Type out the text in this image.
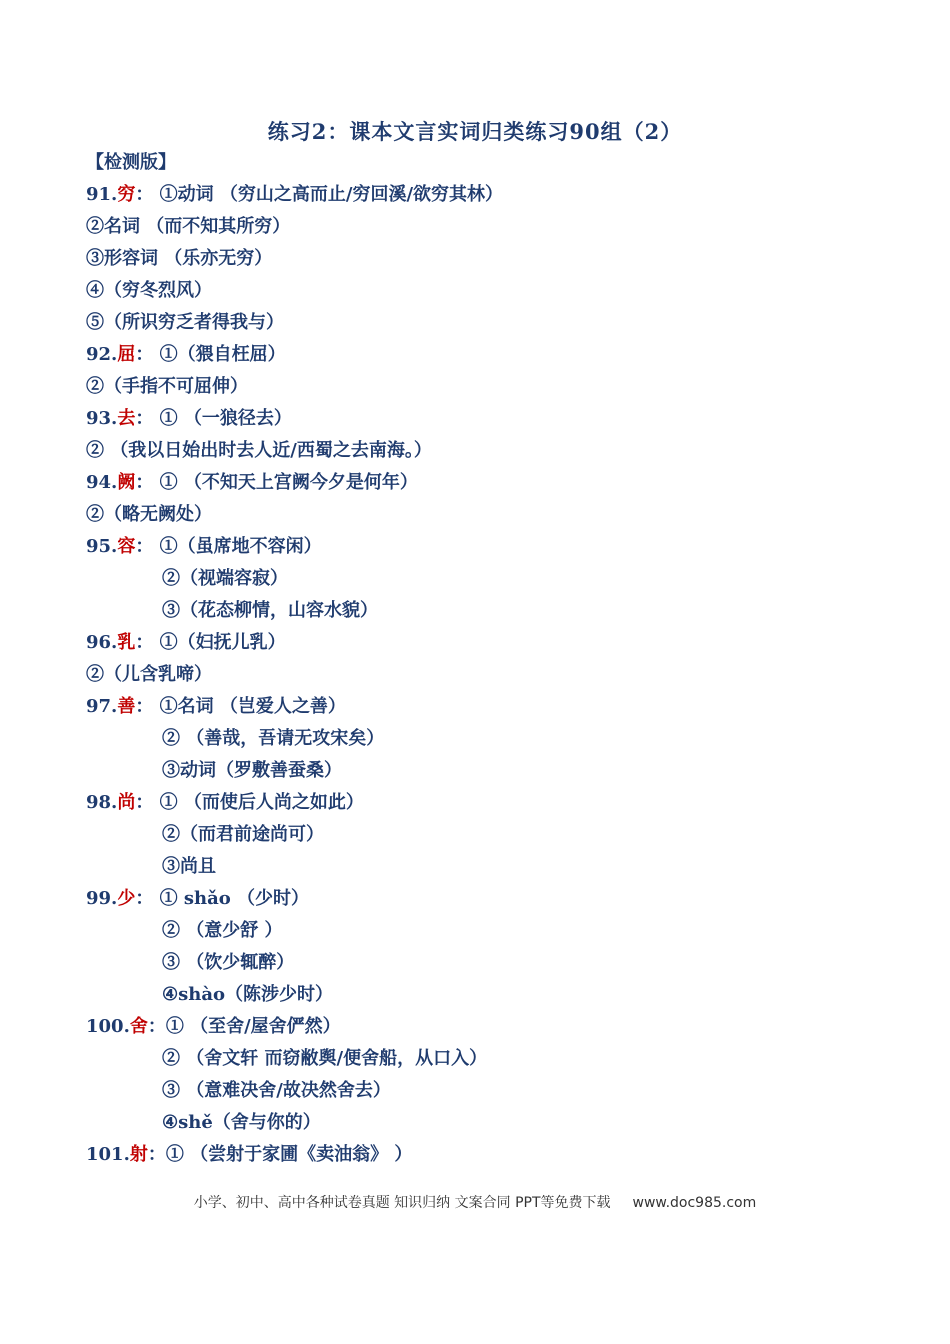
练习2：课本文言实词归类练习90组（2）
【检测版】
91.穷： ①动词 （穷山之高而止/穷回溪/欲穷其林）
②名词 （而不知其所穷）
③形容词 （乐亦无穷）
④（穷冬烈风）
⑤（所识穷乏者得我与）
92.屈： ①（猥自枉屈）
②（手指不可屈伸）
93.去： ① （一狼径去）
② （我以日始出时去人近/西蜀之去南海。）
94.阙： ① （不知天上宫阙今夕是何年）
②（略无阙处）
95.容： ①（虽席地不容闲）
②（视端容寂）
③（花态柳情，山容水貌）
96.乳： ①（妇抚儿乳）
②（儿含乳啼）
97.善： ①名词 （岂爱人之善）
② （善哉，吾请无攻宋矣）
③动词（罗敷善蚕桑）
98.尚： ① （而使后人尚之如此）
②（而君前途尚可）
③尚且
99.少： ① shǎo （少时）
② （意少舒 ）
③ （饮少辄醉）
④shào（陈涉少时）
100.舍：① （至舍/屋舍俨然）
② （舍文轩 而窃敝舆/便舍船，从口入）
③ （意难决舍/故决然舍去）
④shě（舍与你的）
101.射：① （尝射于家圃《卖油翁》 ）
小学、初中、高中各种试卷真题 知识归纳 文案合同 PPT等免费下载 www.doc985.com
